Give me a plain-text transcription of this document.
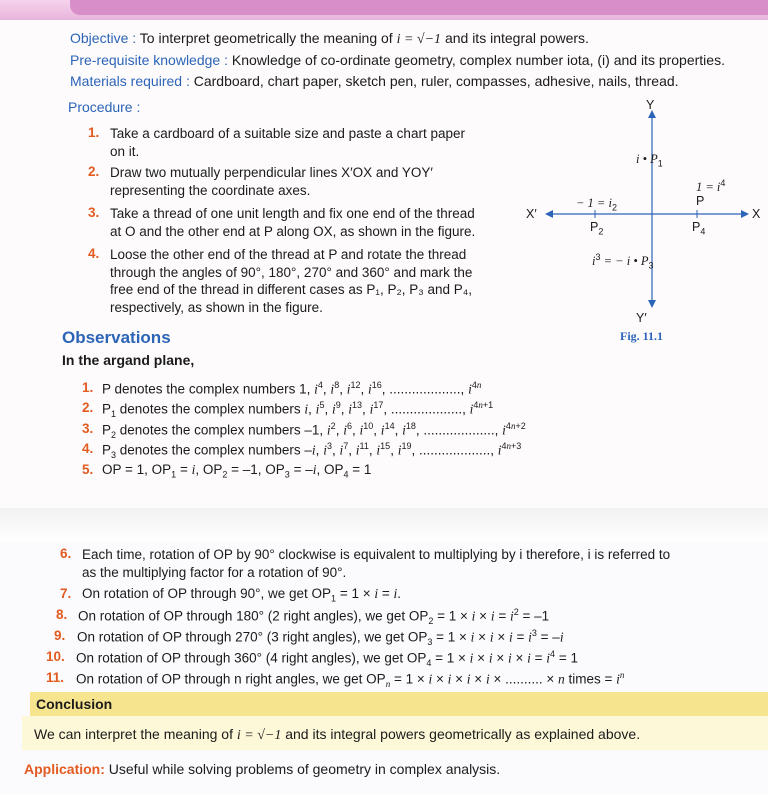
Objective : To interpret geometrically the meaning of i = √−1 and its integral powers.
Pre-requisite knowledge : Knowledge of co-ordinate geometry, complex number iota, (i) and its properties.
Materials required : Cardboard, chart paper, sketch pen, ruler, compasses, adhesive, nails, thread.
Procedure :
1. Take a cardboard of a suitable size and paste a chart paper
on it.
2. Draw two mutually perpendicular lines X′OX and YOY′
representing the coordinate axes.
3. Take a thread of one unit length and fix one end of the thread
at O and the other end at P along OX, as shown in the figure.
4. Loose the other end of the thread at P and rotate the thread
through the angles of 90°, 180°, 270° and 360° and mark the
free end of the thread in different cases as P₁, P₂, P₃ and P₄,
respectively, as shown in the figure.
Y
i • $P_1$
$1 = i^4$
− $1 = i_2$	P
X′	X
$P_2$	$P_4$
$i^3$ = − i • $P_3$
Y′
Fig. 11.1
Observations
In the argand plane,
1. P denotes the complex numbers 1, $i^4$, $i^8$, $i^{12}$, $i^{16}$, ..................., $i^{4n}$
2. $P_1$ denotes the complex numbers i, $i^5$, $i^9$, $i^{13}$, $i^{17}$, ..................., $i^{4n+1}$
3. $P_2$ denotes the complex numbers –1, $i^2$, $i^6$, $i^{10}$, $i^{14}$, $i^{18}$, ..................., $i^{4n+2}$
4. $P_3$ denotes the complex numbers –i, $i^3$, $i^7$, $i^{11}$, $i^{15}$, $i^{19}$, ..................., $i^{4n+3}$
5. OP = 1, $OP_1 = i$, $OP_2 = -1$, $OP_3 = -i$, $OP_4 = 1$
6. Each time, rotation of OP by 90° clockwise is equivalent to multiplying by i therefore, i is referred to
as the multiplying factor for a rotation of 90°.
7. On rotation of OP through 90°, we get $OP_1 = 1 \times i = i$.
8. On rotation of OP through 180° (2 right angles), we get $OP_2 = 1 \times i \times i = i^2 = -1$
9. On rotation of OP through 270° (3 right angles), we get $OP_3 = 1 \times i \times i \times i = i^3 = -i$
10. On rotation of OP through 360° (4 right angles), we get $OP_4 = 1 \times i \times i \times i \times i = i^4 = 1$
11. On rotation of OP through n right angles, we get $OP_n = 1 \times i \times i \times i \times i$ × .......... × n times = $i^n$
Conclusion
We can interpret the meaning of i = √−1 and its integral powers geometrically as explained above.
Application: Useful while solving problems of geometry in complex analysis.
